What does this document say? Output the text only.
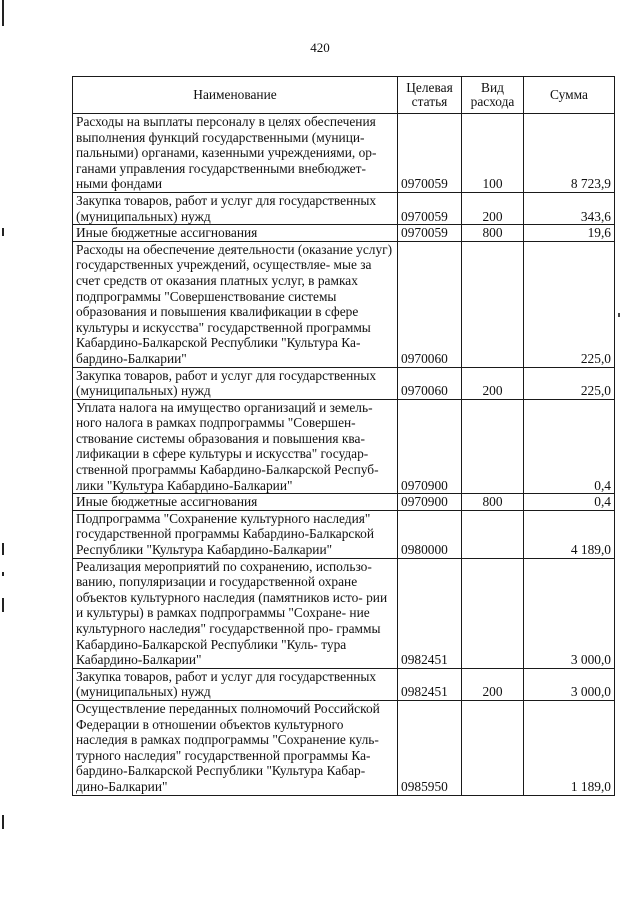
420
Наименование	Целевая статья	Вид расхода	Сумма
Расходы на выплаты персоналу в целях обеспечения выполнения функций государственными (муници- пальными) органами, казенными учреждениями, ор- ганами управления государственными внебюджет- ными фондами	0970059	100	8 723,9
Закупка товаров, работ и услуг для государственных (муниципальных) нужд	0970059	200	343,6
Иные бюджетные ассигнования	0970059	800	19,6
Расходы на обеспечение деятельности (оказание услуг) государственных учреждений, осуществляе- мые за счет средств от оказания платных услуг, в рамках подпрограммы "Совершенствование системы образования и повышения квалификации в сфере культуры и искусства" государственной программы Кабардино-Балкарской Республики "Культура Ка- бардино-Балкарии"	0970060		225,0
Закупка товаров, работ и услуг для государственных (муниципальных) нужд	0970060	200	225,0
Уплата налога на имущество организаций и земель- ного налога в рамках подпрограммы "Совершен- ствование системы образования и повышения ква- лификации в сфере культуры и искусства" государ- ственной программы Кабардино-Балкарской Респуб- лики "Культура Кабардино-Балкарии"	0970900		0,4
Иные бюджетные ассигнования	0970900	800	0,4
Подпрограмма "Сохранение культурного наследия" государственной программы Кабардино-Балкарской Республики "Культура Кабардино-Балкарии"	0980000		4 189,0
Реализация мероприятий по сохранению, использо- ванию, популяризации и государственной охране объектов культурного наследия (памятников исто- рии и культуры) в рамках подпрограммы "Сохране- ние культурного наследия" государственной про- граммы Кабардино-Балкарской Республики "Куль- тура Кабардино-Балкарии"	0982451		3 000,0
Закупка товаров, работ и услуг для государственных (муниципальных) нужд	0982451	200	3 000,0
Осуществление переданных полномочий Российской Федерации в отношении объектов культурного наследия в рамках подпрограммы "Сохранение куль- турного наследия" государственной программы Ка- бардино-Балкарской Республики "Культура Кабар- дино-Балкарии"	0985950		1 189,0
